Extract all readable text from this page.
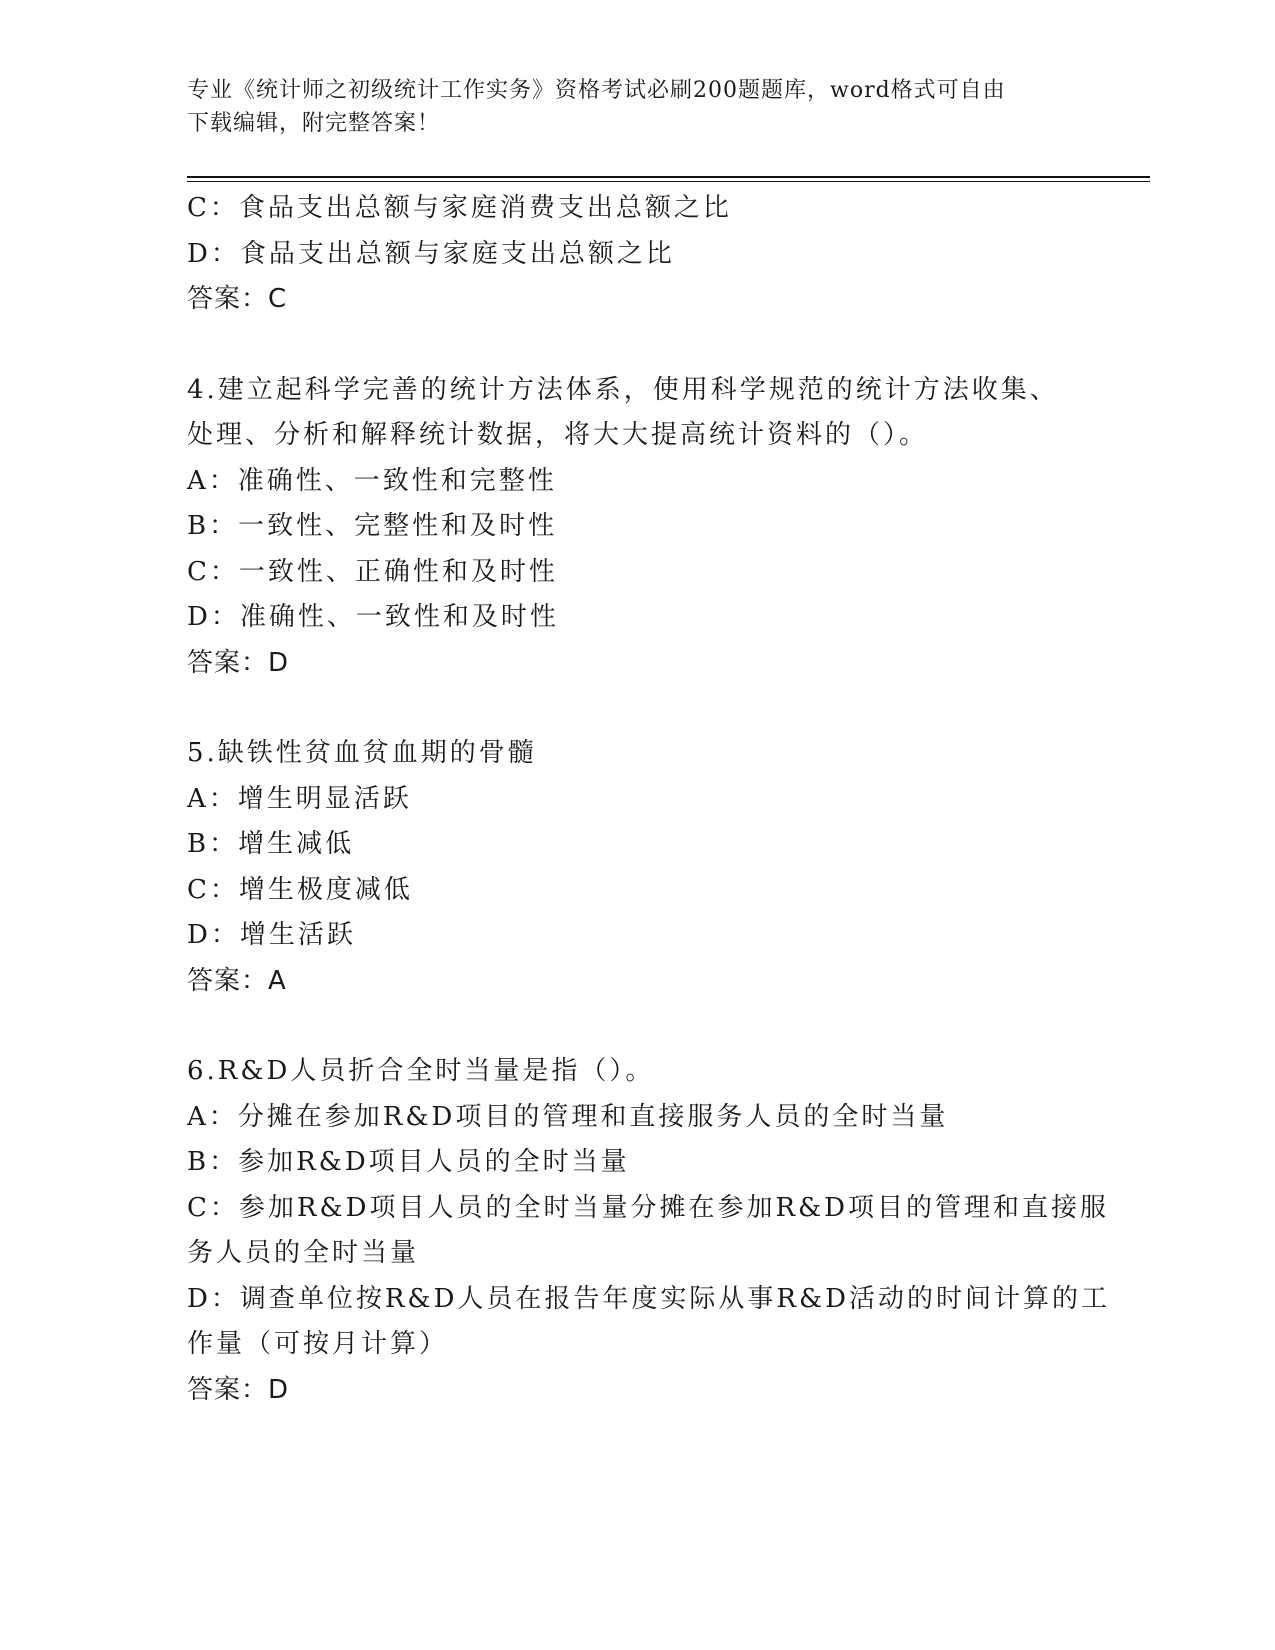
专业《统计师之初级统计工作实务》资格考试必刷200题题库，word格式可自由
下载编辑，附完整答案！
C：食品支出总额与家庭消费支出总额之比
D：食品支出总额与家庭支出总额之比
答案：C
4.建立起科学完善的统计方法体系，使用科学规范的统计方法收集、
处理、分析和解释统计数据，将大大提高统计资料的（）。
A：准确性、一致性和完整性
B：一致性、完整性和及时性
C：一致性、正确性和及时性
D：准确性、一致性和及时性
答案：D
5.缺铁性贫血贫血期的骨髓
A：增生明显活跃
B：增生减低
C：增生极度减低
D：增生活跃
答案：A
6.R&D人员折合全时当量是指（）。
A：分摊在参加R&D项目的管理和直接服务人员的全时当量
B：参加R&D项目人员的全时当量
C：参加R&D项目人员的全时当量分摊在参加R&D项目的管理和直接服
务人员的全时当量
D：调查单位按R&D人员在报告年度实际从事R&D活动的时间计算的工
作量（可按月计算）
答案：D
